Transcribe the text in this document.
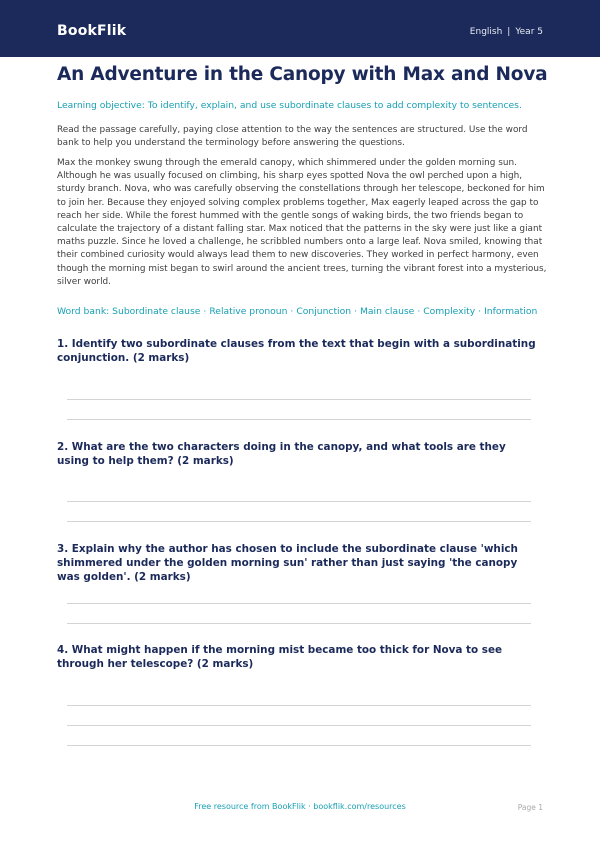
BookFlik	English | Year 5
An Adventure in the Canopy with Max and Nova
Learning objective: To identify, explain, and use subordinate clauses to add complexity to sentences.

Read the passage carefully, paying close attention to the way the sentences are structured. Use the word bank to help you understand the terminology before answering the questions.

Max the monkey swung through the emerald canopy, which shimmered under the golden morning sun. Although he was usually focused on climbing, his sharp eyes spotted Nova the owl perched upon a high, sturdy branch. Nova, who was carefully observing the constellations through her telescope, beckoned for him to join her. Because they enjoyed solving complex problems together, Max eagerly leaped across the gap to reach her side. While the forest hummed with the gentle songs of waking birds, the two friends began to calculate the trajectory of a distant falling star. Max noticed that the patterns in the sky were just like a giant maths puzzle. Since he loved a challenge, he scribbled numbers onto a large leaf. Nova smiled, knowing that their combined curiosity would always lead them to new discoveries. They worked in perfect harmony, even though the morning mist began to swirl around the ancient trees, turning the vibrant forest into a mysterious, silver world.

Word bank: Subordinate clause · Relative pronoun · Conjunction · Main clause · Complexity · Information

1. Identify two subordinate clauses from the text that begin with a subordinating conjunction. (2 marks)

2. What are the two characters doing in the canopy, and what tools are they using to help them? (2 marks)

3. Explain why the author has chosen to include the subordinate clause 'which shimmered under the golden morning sun' rather than just saying 'the canopy was golden'. (2 marks)

4. What might happen if the morning mist became too thick for Nova to see through her telescope? (2 marks)

Free resource from BookFlik · bookflik.com/resources	Page 1
